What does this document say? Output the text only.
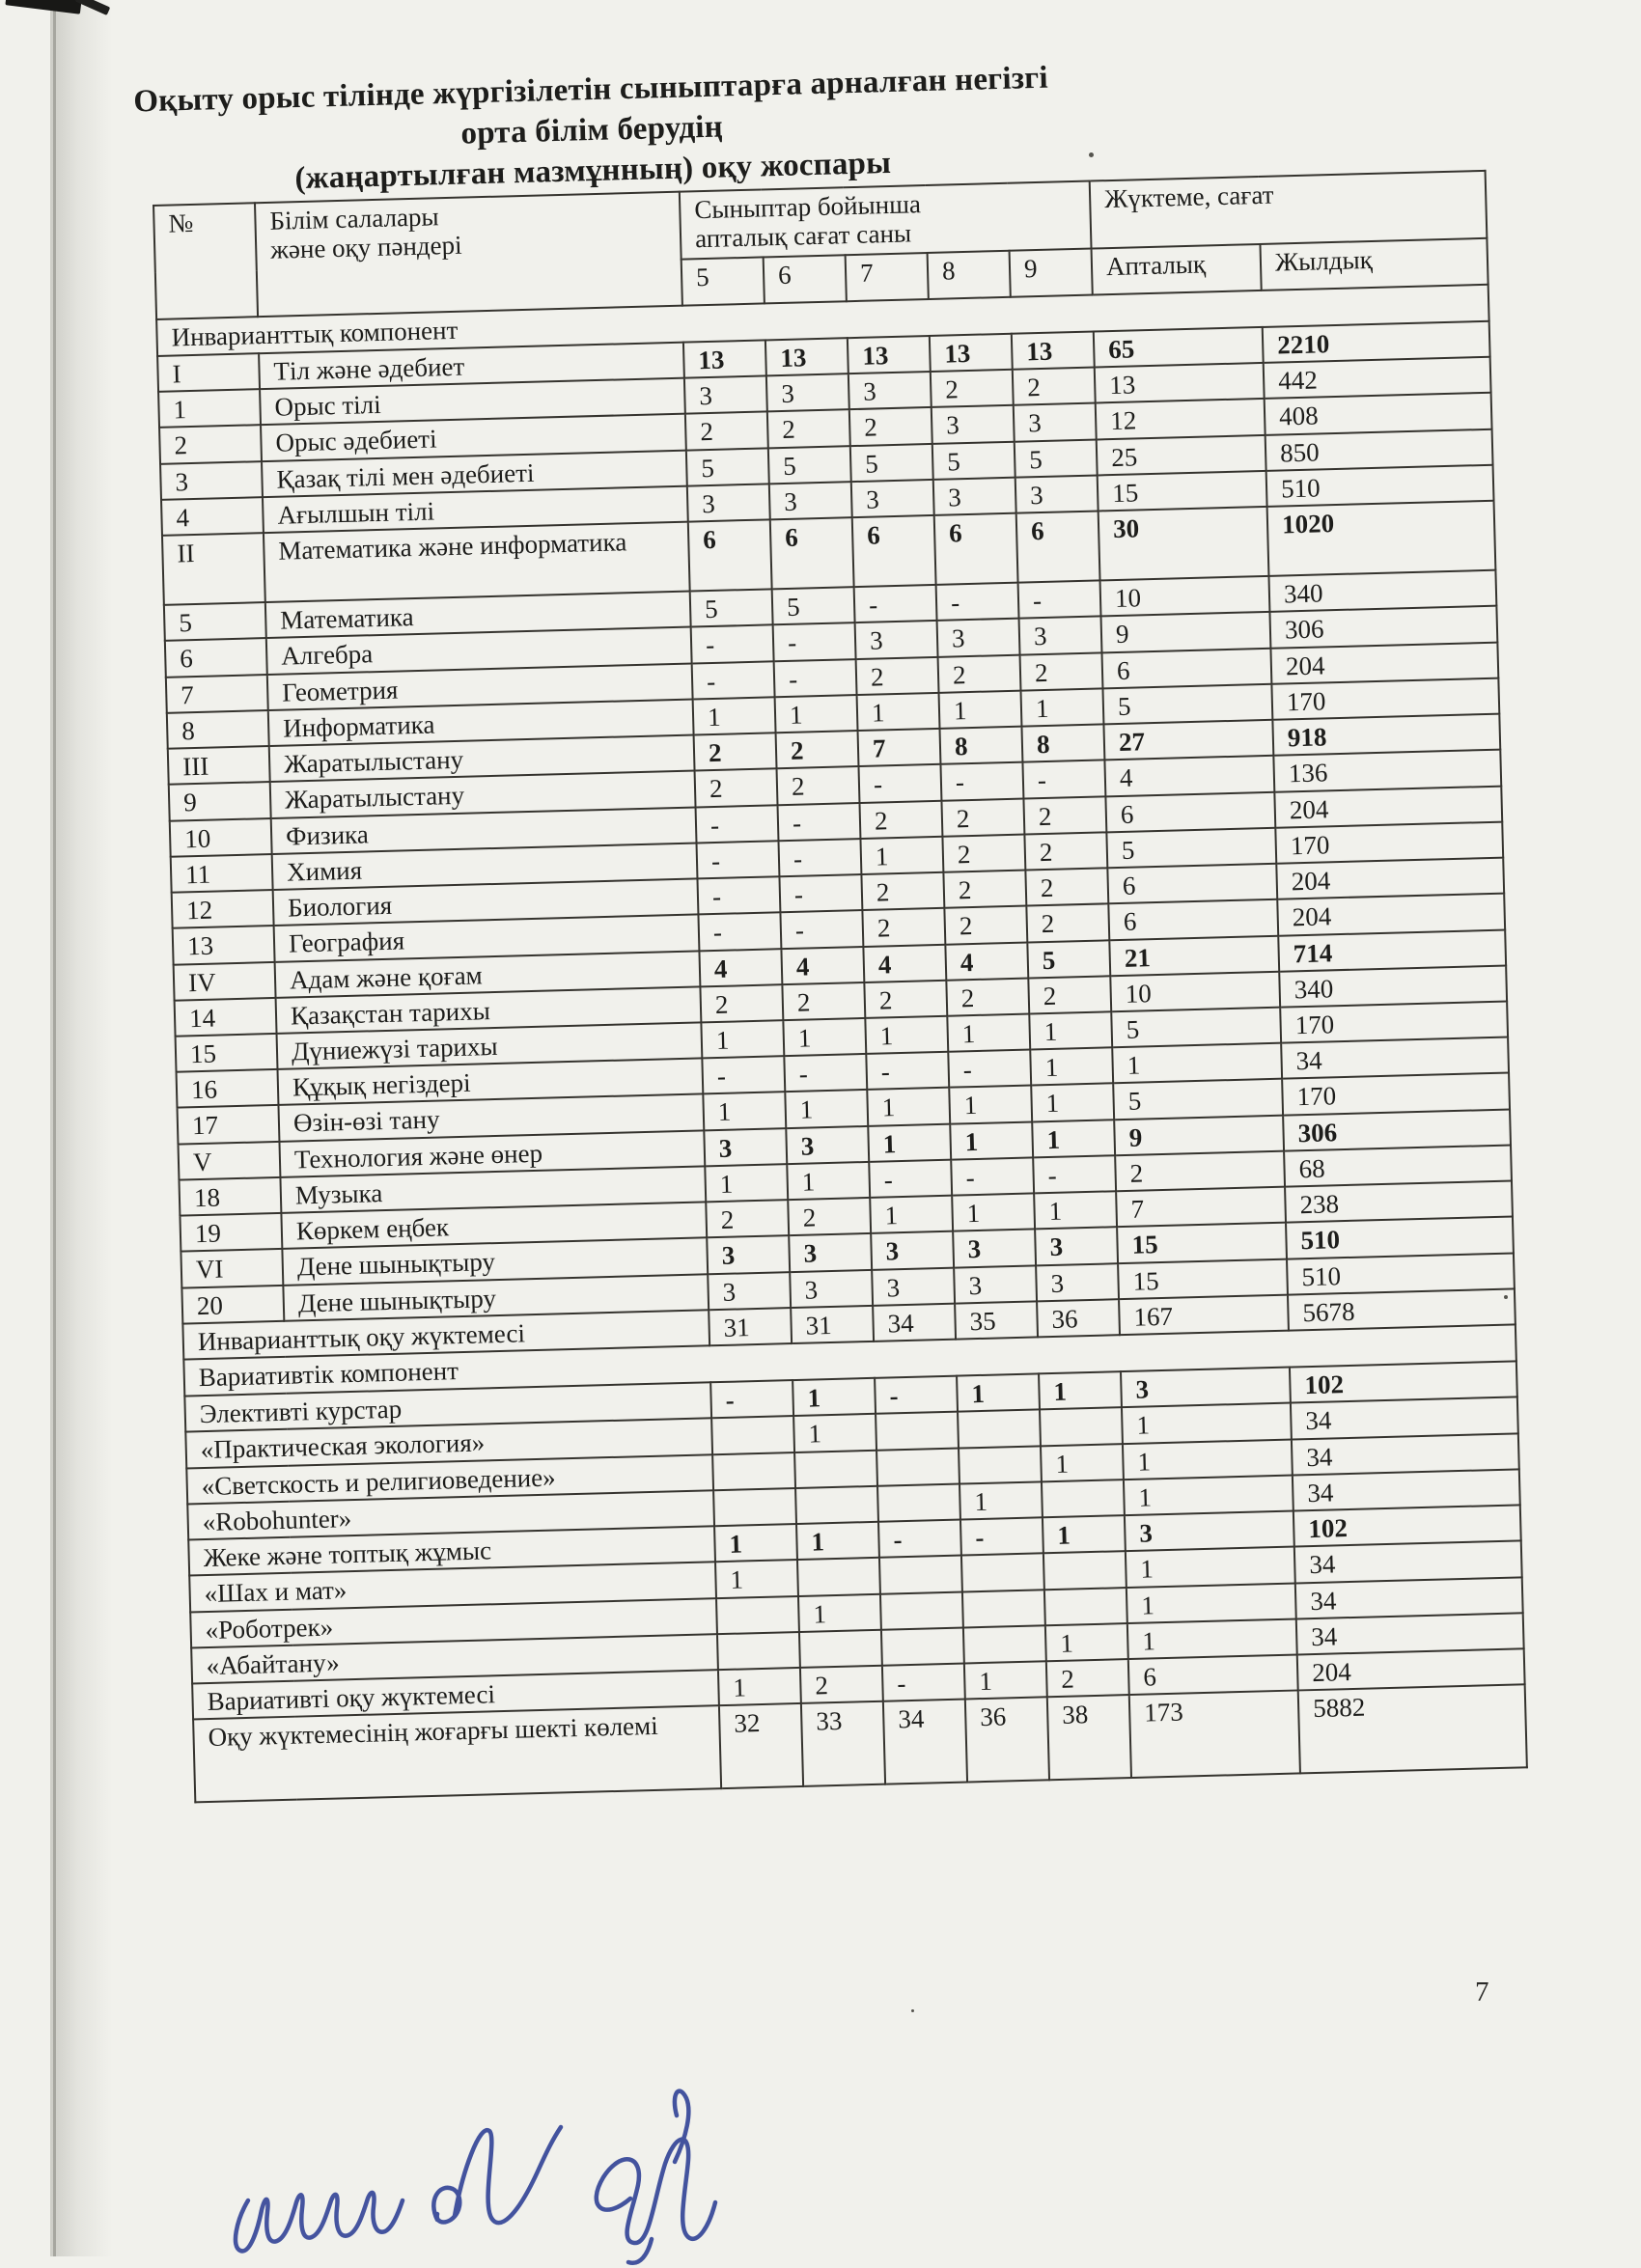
Оқыту орыс тілінде жүргізілетін сыныптарға арналған негізгі орта білім берудің
(жаңартылған мазмұнның) оқу жоспары
№	Білім салалары
және оқу пәндері	Сыныптар бойынша
апталық сағат саны					Жүктеме, сағат	
		5	6	7	8	9	Апталық	Жылдық
Инварианттық компонент								
I	Тіл және әдебиет	13	13	13	13	13	65	2210
1	Орыс тілі	3	3	3	2	2	13	442
2	Орыс әдебиеті	2	2	2	3	3	12	408
3	Қазақ тілі мен әдебиеті	5	5	5	5	5	25	850
4	Ағылшын тілі	3	3	3	3	3	15	510
II	Математика және информатика	6	6	6	6	6	30	1020
5	Математика	5	5	-	-	-	10	340
6	Алгебра	-	-	3	3	3	9	306
7	Геометрия	-	-	2	2	2	6	204
8	Информатика	1	1	1	1	1	5	170
III	Жаратылыстану	2	2	7	8	8	27	918
9	Жаратылыстану	2	2	-	-	-	4	136
10	Физика	-	-	2	2	2	6	204
11	Химия	-	-	1	2	2	5	170
12	Биология	-	-	2	2	2	6	204
13	География	-	-	2	2	2	6	204
IV	Адам және қоғам	4	4	4	4	5	21	714
14	Қазақстан тарихы	2	2	2	2	2	10	340
15	Дүниежүзі тарихы	1	1	1	1	1	5	170
16	Құқық негіздері	-	-	-	-	1	1	34
17	Өзін-өзі тану	1	1	1	1	1	5	170
V	Технология және өнер	3	3	1	1	1	9	306
18	Музыка	1	1	-	-	-	2	68
19	Көркем еңбек	2	2	1	1	1	7	238
VI	Дене шынықтыру	3	3	3	3	3	15	510
20	Дене шынықтыру	3	3	3	3	3	15	510
Инварианттық оқу жүктемесі		31	31	34	35	36	167	5678
Вариативтік компонент								
Элективті курстар		-	1	-	1	1	3	102
«Практическая экология»			1				1	34
«Светскость и религиоведение»						1	1	34
«Robohunter»					1		1	34
Жеке және топтық жұмыс		1	1	-	-	1	3	102
«Шах и мат»		1					1	34
«Роботрек»			1				1	34
«Абайтану»						1	1	34
Вариативті оқу жүктемесі		1	2	-	1	2	6	204
Оқу жүктемесінің жоғарғы шекті көлемі		32	33	34	36	38	173	5882
7
